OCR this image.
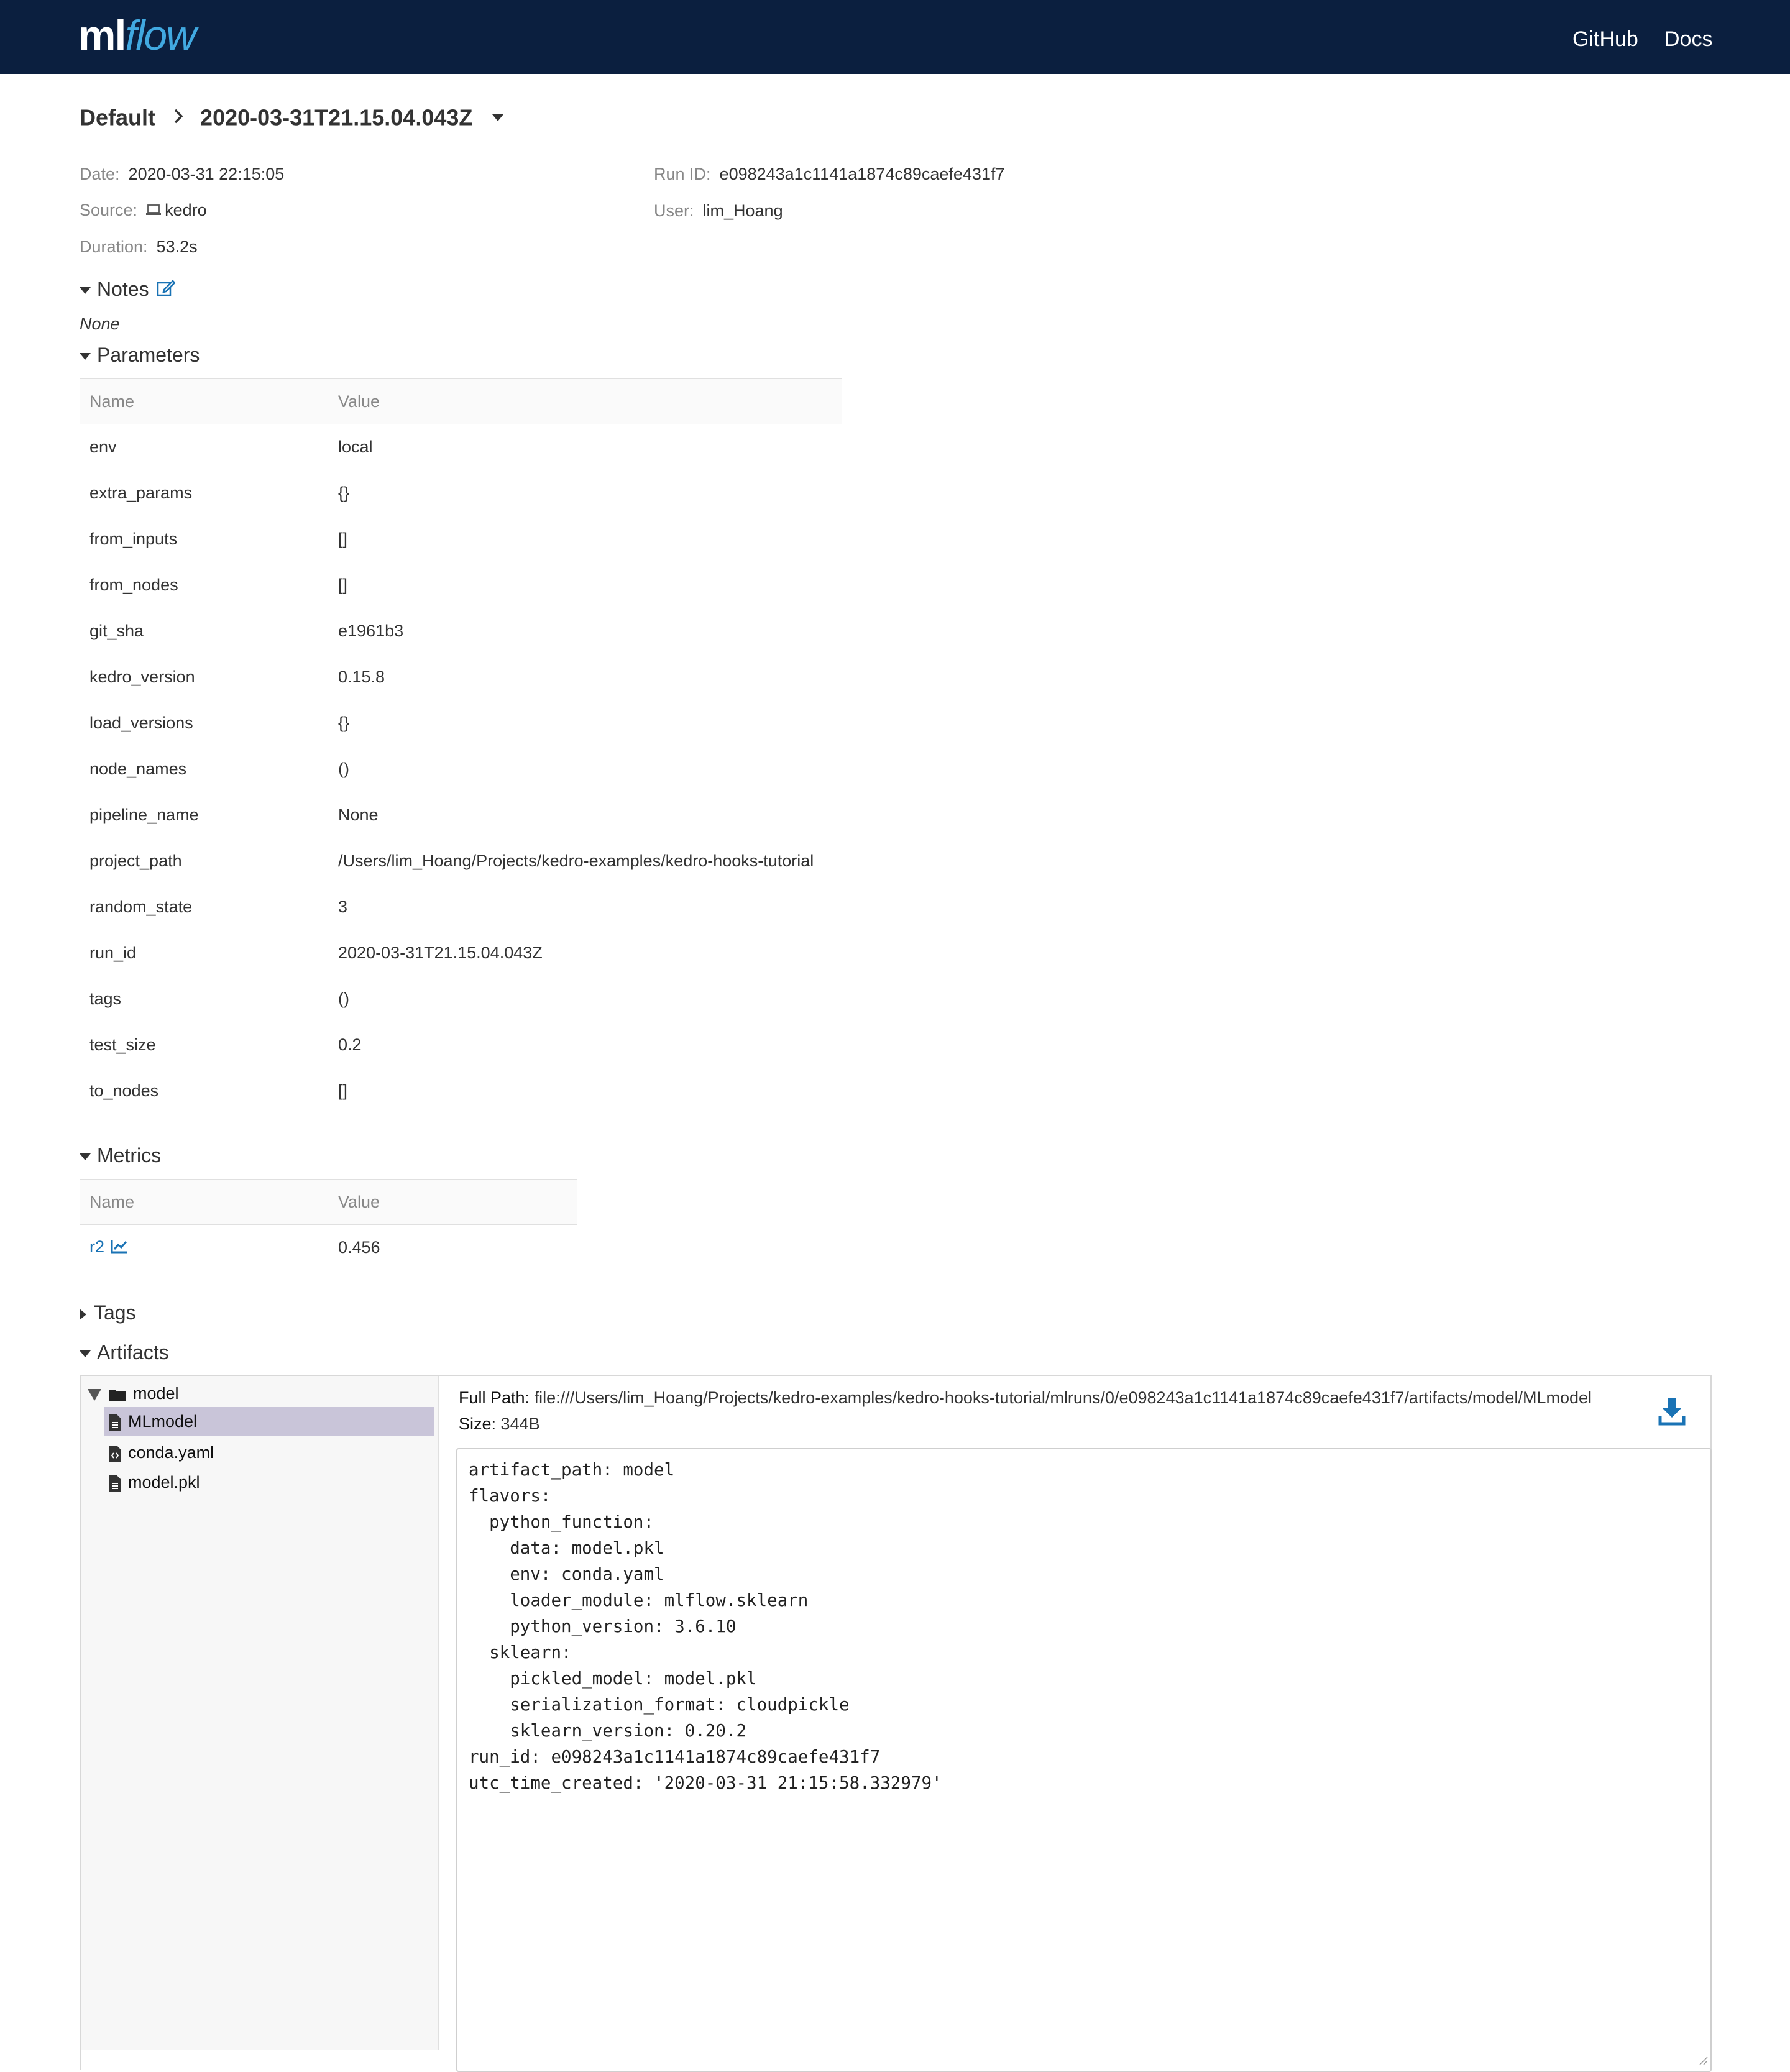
mlflow	GitHub Docs
Default 2020-03-31T21.15.04.043Z
Date: 2020-03-31 22:15:05
Source: kedro
Duration: 53.2s
Run ID: e098243a1c1141a1874c89caefe431f7
User: lim_Hoang
Notes
None
Parameters
Name	Value
env	local
extra_params	{}
from_inputs	[]
from_nodes	[]
git_sha	e1961b3
kedro_version	0.15.8
load_versions	{}
node_names	()
pipeline_name	None
project_path	/Users/lim_Hoang/Projects/kedro-examples/kedro-hooks-tutorial
random_state	3
run_id	2020-03-31T21.15.04.043Z
tags	()
test_size	0.2
to_nodes	[]
Metrics
Name	Value
r2	0.456
Tags
Artifacts
model
MLmodel
conda.yaml
model.pkl
Full Path: file:///Users/lim_Hoang/Projects/kedro-examples/kedro-hooks-tutorial/mlruns/0/e098243a1c1141a1874c89caefe431f7/artifacts/model/MLmodel
Size: 344B
artifact_path: model
flavors:
python_function:
data: model.pkl
env: conda.yaml
loader_module: mlflow.sklearn
python_version: 3.6.10
sklearn:
pickled_model: model.pkl
serialization_format: cloudpickle
sklearn_version: 0.20.2
run_id: e098243a1c1141a1874c89caefe431f7
utc_time_created: '2020-03-31 21:15:58.332979'
